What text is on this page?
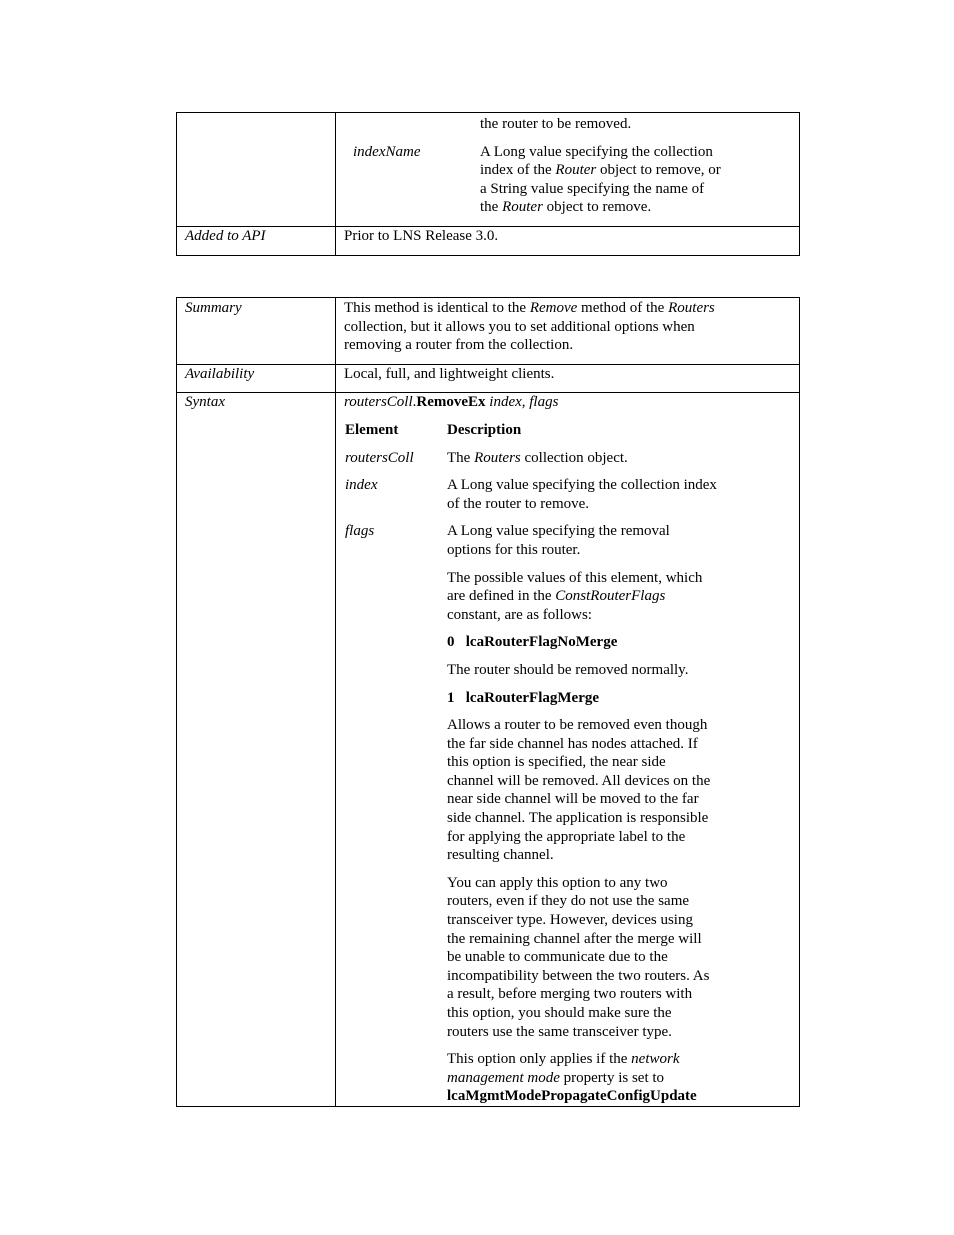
the router to be removed.
indexName	A Long value specifying the collection

index of the Router object to remove, or

a String value specifying the name of

the Router object to remove.

Added to API	Prior to LNS Release 3.0.
Summary	This method is identical to the Remove method of the Routers

collection, but it allows you to set additional options when

removing a router from the collection.

Availability	Local, full, and lightweight clients.
Syntax	routersColl.RemoveEx index, flags

Element	Description
routersColl	The Routers collection object.
index	A Long value specifying the collection index

of the router to remove.

flags	A Long value specifying the removal

options for this router.

The possible values of this element, which

are defined in the ConstRouterFlags

constant, are as follows:

0 lcaRouterFlagNoMerge

The router should be removed normally.

1 lcaRouterFlagMerge

Allows a router to be removed even though

the far side channel has nodes attached. If

this option is specified, the near side

channel will be removed. All devices on the

near side channel will be moved to the far

side channel. The application is responsible

for applying the appropriate label to the

resulting channel.

You can apply this option to any two

routers, even if they do not use the same

transceiver type. However, devices using

the remaining channel after the merge will

be unable to communicate due to the

incompatibility between the two routers. As

a result, before merging two routers with

this option, you should make sure the

routers use the same transceiver type.

This option only applies if the network

management mode property is set to

lcaMgmtModePropagateConfigUpdate
